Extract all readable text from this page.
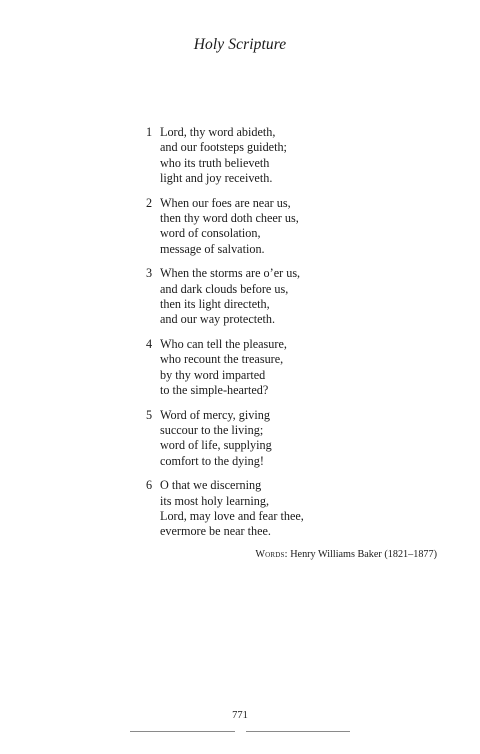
Holy Scripture
1 Lord, thy word abideth,
and our footsteps guideth;
who its truth believeth
light and joy receiveth.
2 When our foes are near us,
then thy word doth cheer us,
word of consolation,
message of salvation.
3 When the storms are o’er us,
and dark clouds before us,
then its light directeth,
and our way protecteth.
4 Who can tell the pleasure,
who recount the treasure,
by thy word imparted
to the simple-hearted?
5 Word of mercy, giving
succour to the living;
word of life, supplying
comfort to the dying!
6 O that we discerning
its most holy learning,
Lord, may love and fear thee,
evermore be near thee.
Words: Henry Williams Baker (1821–1877)
771
